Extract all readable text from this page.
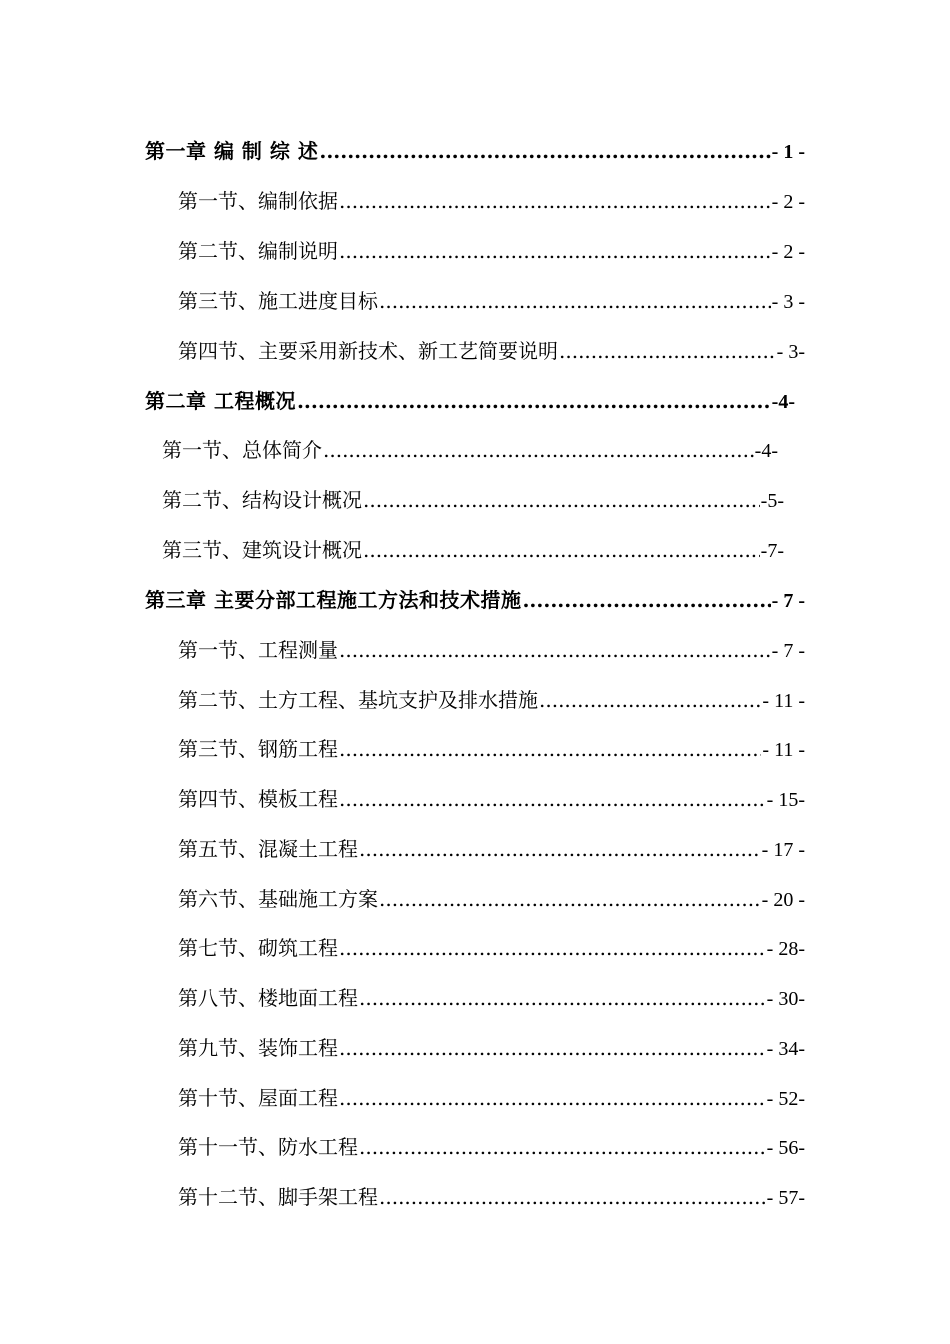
第一章 编 制 综 述 .....	- 1 -
第一节、编制依据 .....	- 2 -
第二节、编制说明 .....	- 2 -
第三节、施工进度目标 .....	- 3 -
第四节、主要采用新技术、新工艺简要说明 .....	- 3-
第二章 工程概况 .....	-4-
第一节、总体简介 .....	-4-
第二节、结构设计概况 .....	-5-
第三节、建筑设计概况 .....	-7-
第三章 主要分部工程施工方法和技术措施 .....	- 7 -
第一节、工程测量 .....	- 7 -
第二节、土方工程、基坑支护及排水措施 .....	- 11 -
第三节、钢筋工程 .....	- 11 -
第四节、模板工程 .....	- 15-
第五节、混凝土工程 .....	- 17 -
第六节、基础施工方案 .....	- 20 -
第七节、砌筑工程 .....	- 28-
第八节、楼地面工程 .....	- 30-
第九节、装饰工程 .....	- 34-
第十节、屋面工程 .....	- 52-
第十一节、防水工程 .....	- 56-
第十二节、脚手架工程 .....	- 57-
